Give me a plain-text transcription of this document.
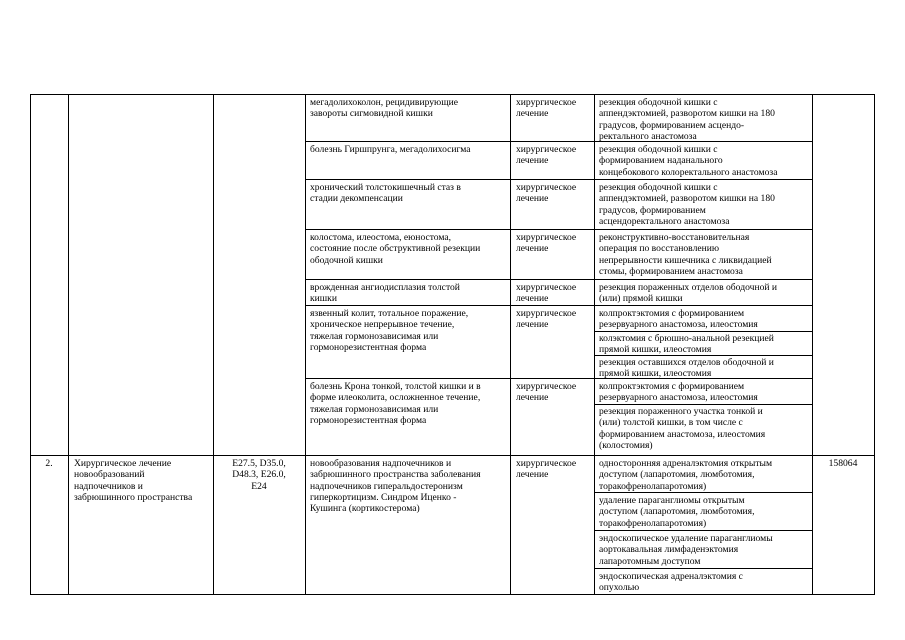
мегадолихоколон, рецидивирующие
завороты сигмовидной кишки
хирургическое
лечение
резекция ободочной кишки с
аппендэктомией, разворотом кишки на 180
градусов, формированием асцендо-
ректального анастомоза
болезнь Гиршпрунга, мегадолихосигма	хирургическое
лечение
резекция ободочной кишки с
формированием наданального
концебокового колоректального анастомоза
хронический толстокишечный стаз в
стадии декомпенсации
хирургическое
лечение
резекция ободочной кишки с
аппендэктомией, разворотом кишки на 180
градусов, формированием
асцендоректального анастомоза
колостома, илеостома, еюностома,
состояние после обструктивной резекции
ободочной кишки
хирургическое
лечение
реконструктивно-восстановительная
операция по восстановлению
непрерывности кишечника с ликвидацией
стомы, формированием анастомоза
врожденная ангиодисплазия толстой
кишки
хирургическое
лечение
резекция пораженных отделов ободочной и
(или) прямой кишки
язвенный колит, тотальное поражение,
хроническое непрерывное течение,
тяжелая гормонозависимая или
гормонорезистентная форма
хирургическое
лечение
колпроктэктомия с формированием
резервуарного анастомоза, илеостомия
колэктомия с брюшно-анальной резекцией
прямой кишки, илеостомия
резекция оставшихся отделов ободочной и
прямой кишки, илеостомия
болезнь Крона тонкой, толстой кишки и в
форме илеоколита, осложненное течение,
тяжелая гормонозависимая или
гормонорезистентная форма
хирургическое
лечение
колпроктэктомия с формированием
резервуарного анастомоза, илеостомия
резекция пораженного участка тонкой и
(или) толстой кишки, в том числе с
формированием анастомоза, илеостомия
(колостомия)
2.	Хирургическое лечение
новообразований
надпочечников и
забрюшинного пространства
E27.5, D35.0,
D48.3, E26.0,
E24
новообразования надпочечников и
забрюшинного пространства заболевания
надпочечников гиперальдостеронизм
гиперкортицизм. Синдром Иценко -
Кушинга (кортикостерома)
хирургическое
лечение
односторонняя адреналэктомия открытым
доступом (лапаротомия, люмботомия,
торакофренолапаротомия)
удаление параганглиомы открытым
доступом (лапаротомия, люмботомия,
торакофренолапаротомия)
эндоскопическое удаление параганглиомы
аортокавальная лимфаденэктомия
лапаротомным доступом
эндоскопическая адреналэктомия с
опухолью
158064
